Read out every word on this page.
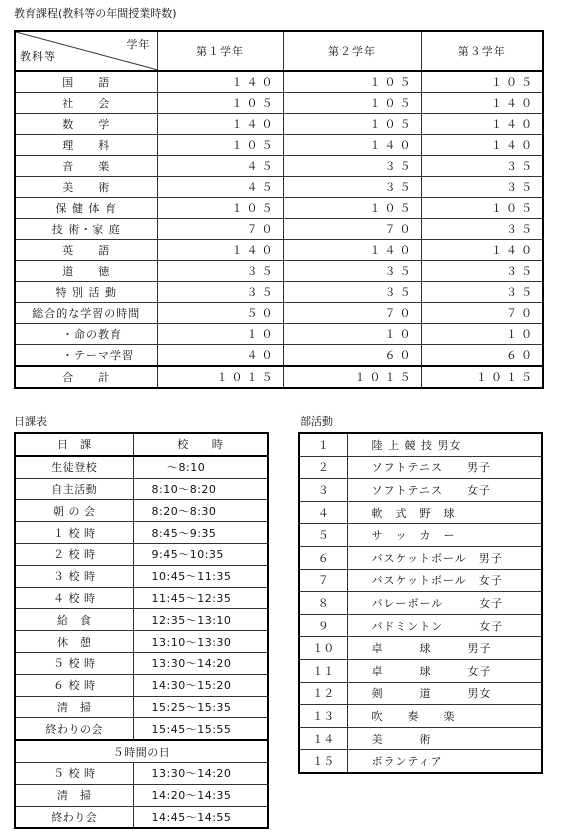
教育課程(教科等の年間授業時数)
学年
教科等	第１学年	第２学年	第３学年
国　　語	１４０	１０５	１０５
社　　会	１０５	１０５	１４０
数　　学	１４０	１０５	１４０
理　　科	１０５	１４０	１４０
音　　楽	４５	３５	３５
美　　術	４５	３５	３５
保 健 体 育	１０５	１０５	１０５
技 術・家 庭	７０	７０	３５
英　　語	１４０	１４０	１４０
道　　徳	３５	３５	３５
特 別 活 動	３５	３５	３５
総合的な学習の時間	５０	７０	７０
・命の教育	１０	１０	１０
・テーマ学習	４０	６０	６０
合　　計	１０１５	１０１５	１０１５
日課表
日　課	校　　時
生徒登校	　 ～8:10
自主活動	8:10～8:20
朝 の 会	8:20～8:30
１ 校 時	8:45～9:35
２ 校 時	9:45～10:35
３ 校 時	10:45～11:35
４ 校 時	11:45～12:35
給　食	12:35～13:10
休　憩	13:10～13:30
５ 校 時	13:30～14:20
６ 校 時	14:30～15:20
清　掃	15:25～15:35
終わりの会	15:45～15:55
５時間の日	
５ 校 時	13:30～14:20
清　掃	14:20～14:35
終わり会	14:45～14:55
部活動
１	陸 上 競 技 男女
２	ソフトテニス　　男子
３	ソフトテニス　　女子
４	軟　式　野　球
５	サ　ッ　カ　ー
６	バスケットボール　男子
７	バスケットボール　女子
８	バレーボール　　　女子
９	バドミントン　　　女子
１０	卓　　　球　　　男子
１１	卓　　　球　　　女子
１２	剣　　　道　　　男女
１３	吹　　奏　　楽
１４	美　　　術
１５	ボランティア
